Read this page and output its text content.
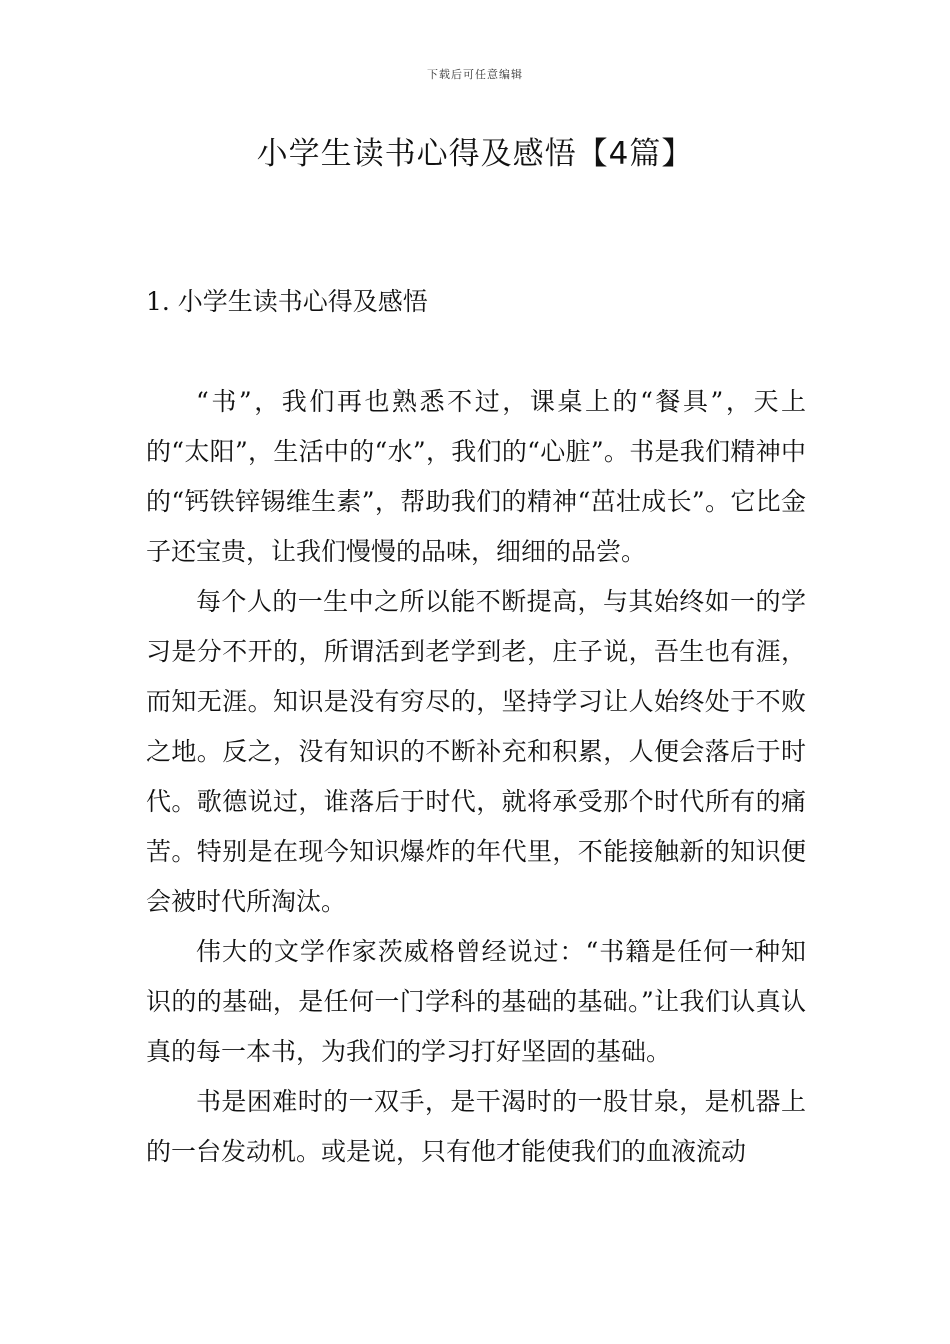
下载后可任意编辑
小学生读书心得及感悟【4篇】
1. 小学生读书心得及感悟

“书”，我们再也熟悉不过，课桌上的“餐具”，天上的“太阳”，生活中的“水”，我们的“心脏”。书是我们精神中的“钙铁锌锡维生素”，帮助我们的精神“茁壮成长”。它比金子还宝贵，让我们慢慢的品味，细细的品尝。

每个人的一生中之所以能不断提高，与其始终如一的学习是分不开的，所谓活到老学到老，庄子说，吾生也有涯，而知无涯。知识是没有穷尽的，坚持学习让人始终处于不败之地。反之，没有知识的不断补充和积累，人便会落后于时代。歌德说过，谁落后于时代，就将承受那个时代所有的痛苦。特别是在现今知识爆炸的年代里，不能接触新的知识便会被时代所淘汰。

伟大的文学作家茨威格曾经说过：“书籍是任何一种知识的的基础，是任何一门学科的基础的基础。”让我们认真认真的每一本书，为我们的学习打好坚固的基础。

书是困难时的一双手，是干渴时的一股甘泉，是机器上的一台发动机。或是说，只有他才能使我们的血液流动
